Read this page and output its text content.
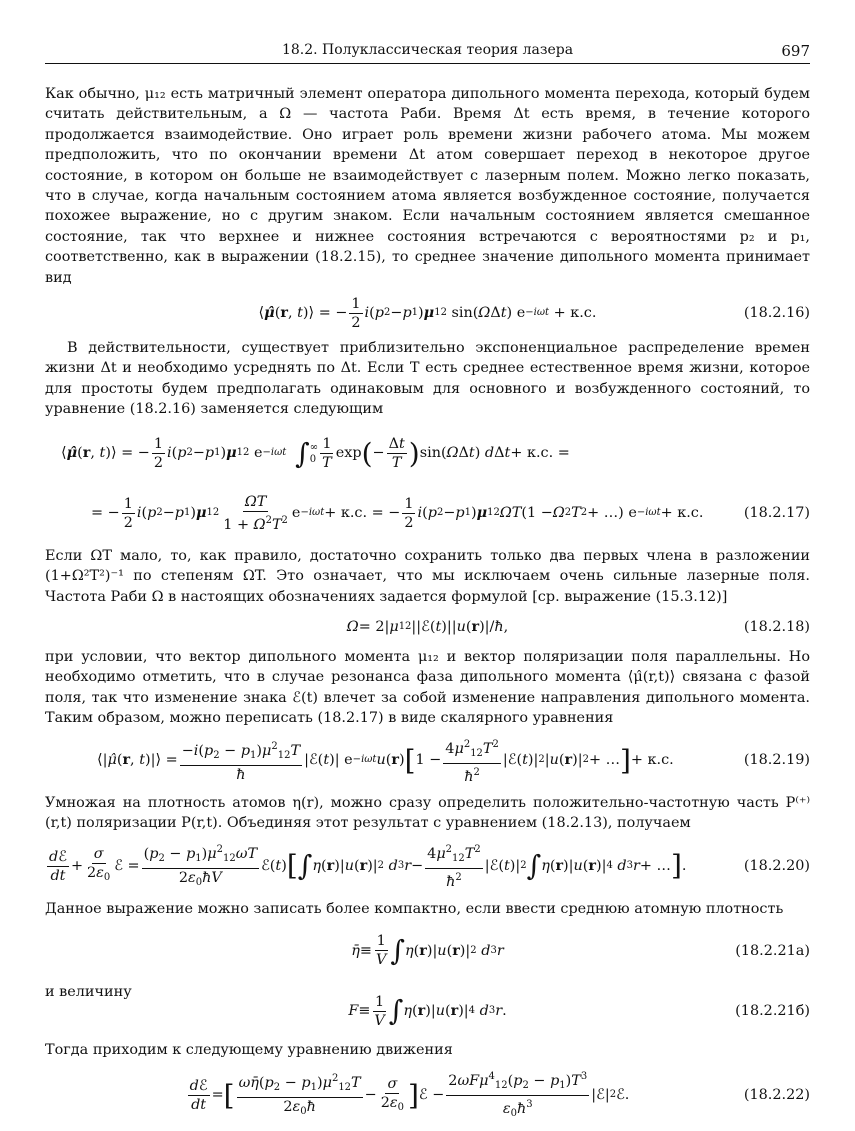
18.2. Полуклассическая теория лазера	697

Как обычно, μ₁₂ есть матричный элемент оператора дипольного момента перехода, который будем считать действительным, а Ω — частота Раби. Время Δt есть время, в течение которого продолжается взаимодействие. Оно играет роль времени жизни рабочего атома. Мы можем предположить, что по окончании времени Δt атом совершает переход в некоторое другое состояние, в котором он больше не взаимодействует с лазерным полем. Можно легко показать, что в случае, когда начальным состоянием атома является возбужденное состояние, получается похожее выражение, но с другим знаком. Если начальным состоянием является смешанное состояние, так что верхнее и нижнее состояния встречаются с вероятностями p₂ и p₁, соответственно, как в выражении (18.2.15), то среднее значение дипольного момента принимает вид

⟨ μ̂ ( r , t )⟩ = −
1
2
i ( p 2 − p 1 ) μ 12 sin( Ω Δ t ) e −iωt + к.с.	(18.2.16)

В действительности, существует приблизительно экспоненциальное распределение времен жизни Δt и необходимо усреднять по Δt. Если T есть среднее естественное время жизни, которое для простоты будем предполагать одинаковым для основного и возбужденного состояний, то уравнение (18.2.16) заменяется следующим

⟨ μ̂ ( r , t )⟩ = −
1
2
i ( p 2 − p 1 ) μ 12 e −iωt ∫ ∞
0
1
T
exp ( −
Δt
T ) sin( Ω Δ t ) d Δ t + к.с. =
= −
1
2
i ( p 2 − p 1 ) μ 12
ΩT
$1 + \Omega^2T^2$ e −iωt + к.с. = −
1
2
i ( p 2 − p 1 ) μ 12 ΩT (1 − Ω 2 T 2 + …) e −iωt + к.с.	(18.2.17)

Если ΩT мало, то, как правило, достаточно сохранить только два первых члена в разложении (1+Ω²T²)⁻¹ по степеням ΩT. Это означает, что мы исключаем очень сильные лазерные поля. Частота Раби Ω в настоящих обозначениях задается формулой [ср. выражение (15.3.12)]

Ω = 2| μ 12 ||ℰ( t )|| u ( r )|/ ħ ,	(18.2.18)

при условии, что вектор дипольного момента μ₁₂ и вектор поляризации поля параллельны. Но необходимо отметить, что в случае резонанса фаза дипольного момента ⟨μ̂(r,t)⟩ связана с фазой поля, так что изменение знака ℰ(t) влечет за собой изменение направления дипольного момента. Таким образом, можно переписать (18.2.17) в виде скалярного уравнения

⟨| μ̂ ( r , t )|⟩ =
$-i(p_2 - p_1)\mu^2_{12}T$
ħ
|ℰ( t )| e −iωt u ( r ) [ 1 −
$4\mu^2_{12}T^2$
$ħ^2$
|ℰ( t )| 2 | u ( r )| 2 + … ] + к.с.	(18.2.19)

Умножая на плотность атомов η(r), можно сразу определить положительно-частотную часть P⁽⁺⁾(r,t) поляризации P(r,t). Объединяя этот результат с уравнением (18.2.13), получаем

dℰ
dt
+
σ
$2\varepsilon_0$
ℰ =
$(p_2 - p_1)\mu^2_{12}\omega T$
$2\varepsilon_0ħV$
ℰ( t ) [ ∫ η ( r )| u ( r )| 2
d 3 r −
$4\mu^2_{12}T^2$
$ħ^2$
|ℰ( t )| 2 ∫ η ( r )| u ( r )| 4
d 3 r + … ] .	(18.2.20)

Данное выражение можно записать более компактно, если ввести среднюю атомную плотность

η̄ ≡
1
V ∫ η ( r )| u ( r )| 2
d 3 r	(18.2.21а)

и величину

F ≡
1
V ∫ η ( r )| u ( r )| 4
d 3 r .	(18.2.21б)

Тогда приходим к следующему уравнению движения

dℰ
dt
= [ $\omega\etā(p_2 - p_1)\mu^2_{12}T$
$2\varepsilon_0ħ$
−
σ
$2\varepsilon_0$ ] ℰ −
$2\omega F\mu^4_{12}(p_2 - p_1)T^3$
$\varepsilon_0ħ^3$
|ℰ| 2 ℰ.	(18.2.22)
